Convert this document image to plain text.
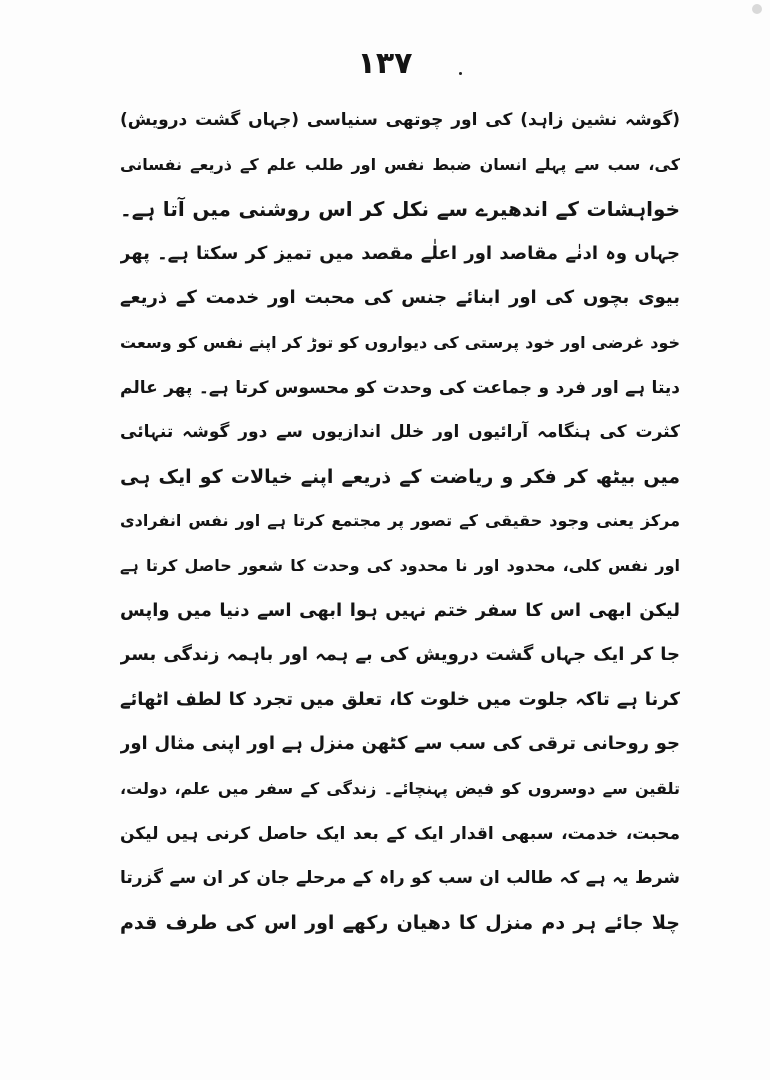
١٣٧
(گوشہ نشین زاہد) کی اور چوتھی سنیاسی (جہاں گشت درویش)
کی، سب سے پہلے انسان ضبط نفس اور طلب علم کے ذریعے نفسانی
خواہشات کے اندھیرے سے نکل کر اس روشنی میں آتا ہے۔
جہاں وہ ادنٰے مقاصد اور اعلٰے مقصد میں تمیز کر سکتا ہے۔ پھر
بیوی بچوں کی اور ابنائے جنس کی محبت اور خدمت کے ذریعے
خود غرضی اور خود پرستی کی دیواروں کو توڑ کر اپنے نفس کو وسعت
دیتا ہے اور فرد و جماعت کی وحدت کو محسوس کرتا ہے۔ پھر عالم
کثرت کی ہنگامہ آرائیوں اور خلل اندازیوں سے دور گوشہ تنہائی
میں بیٹھ کر فکر و ریاضت کے ذریعے اپنے خیالات کو ایک ہی
مرکز یعنی وجود حقیقی کے تصور پر مجتمع کرتا ہے اور نفس انفرادی
اور نفس کلی، محدود اور نا محدود کی وحدت کا شعور حاصل کرتا ہے
لیکن ابھی اس کا سفر ختم نہیں ہوا ابھی اسے دنیا میں واپس
جا کر ایک جہاں گشت درویش کی بے ہمہ اور باہمہ زندگی بسر
کرنا ہے تاکہ جلوت میں خلوت کا، تعلق میں تجرد کا لطف اٹھائے
جو روحانی ترقی کی سب سے کٹھن منزل ہے اور اپنی مثال اور
تلقین سے دوسروں کو فیض پہنچائے۔ زندگی کے سفر میں علم، دولت،
محبت، خدمت، سبھی اقدار ایک کے بعد ایک حاصل کرنی ہیں لیکن
شرط یہ ہے کہ طالب ان سب کو راہ کے مرحلے جان کر ان سے گزرتا
چلا جائے ہر دم منزل کا دھیان رکھے اور اس کی طرف قدم
